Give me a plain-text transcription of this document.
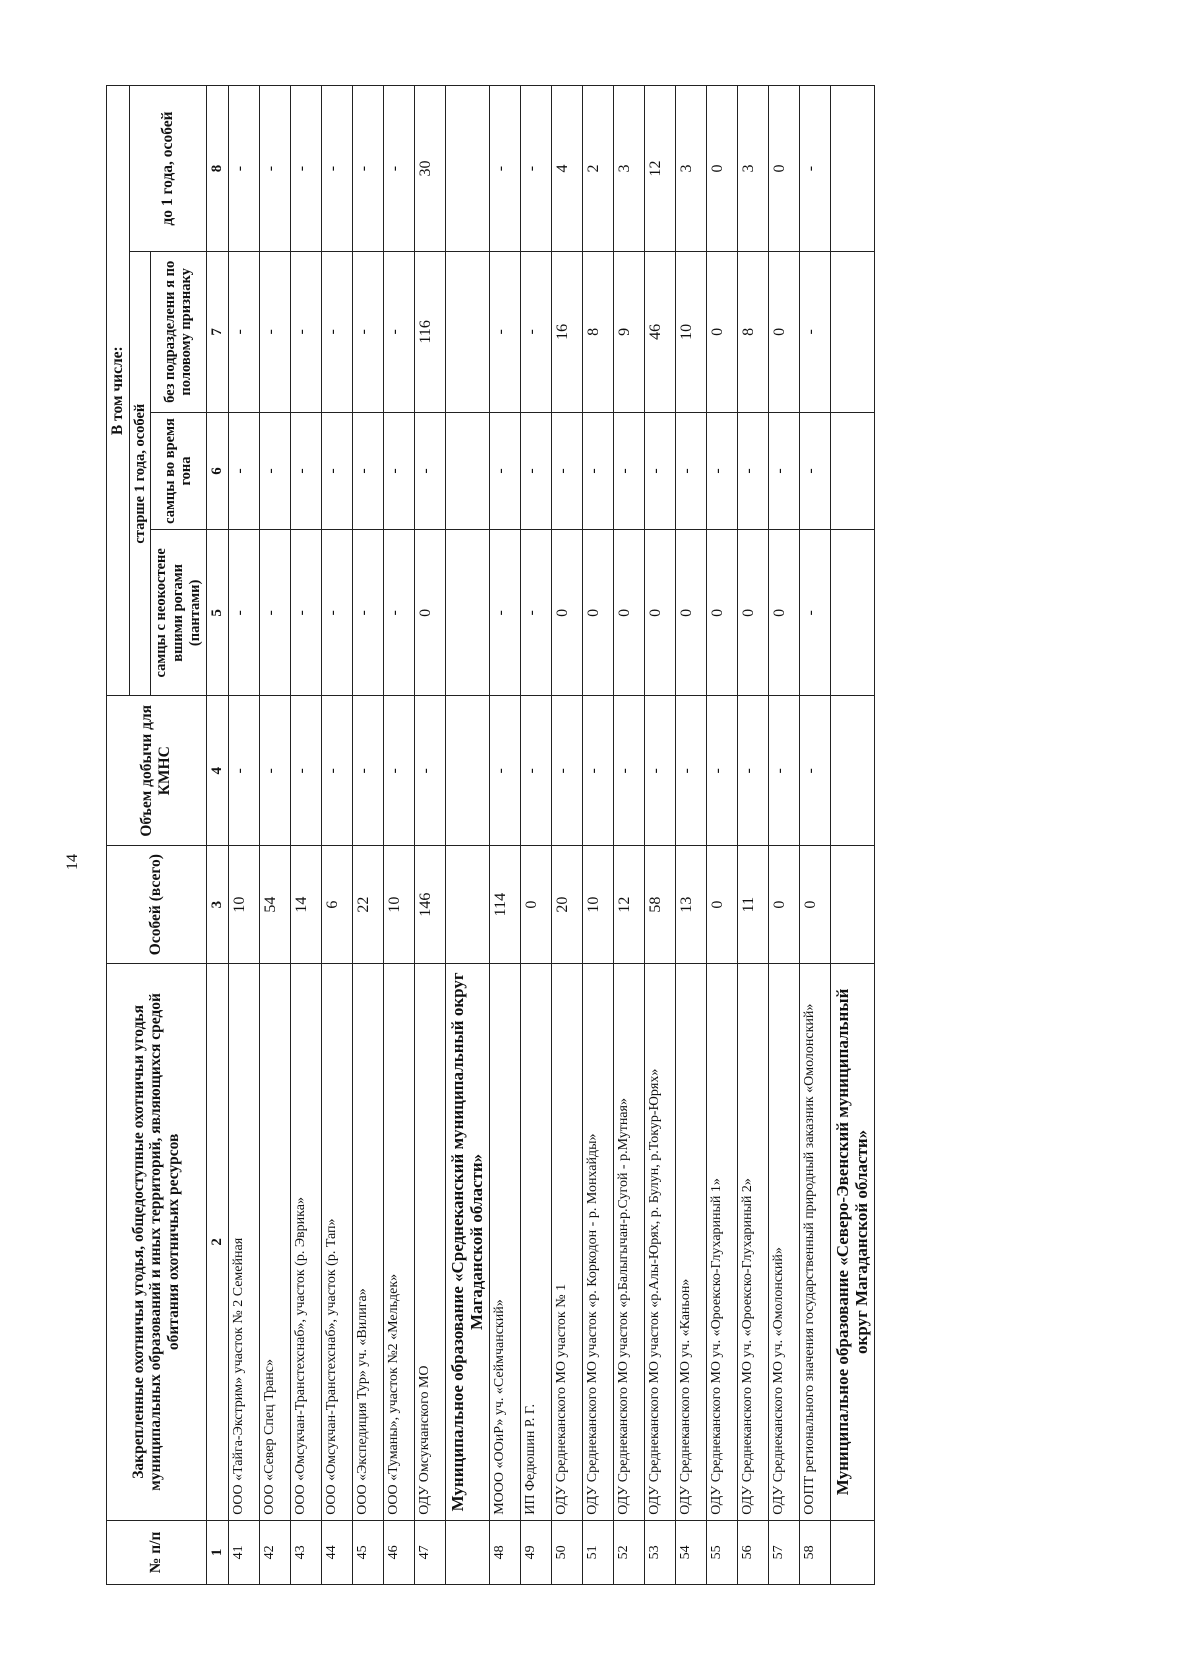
14
№ п/п	Закрепленные охотничьи угодья, общедоступные охотничьи угодья муниципальных образований и иных территорий, являющихся средой обитания охотничьих ресурсов	Особей (всего)	Объем добычи для КМНС	В том числе:			
				старше 1 года, особей			до 1 года, особей
				самцы с неокостене вшими рогами (пантами)	самцы во время гона	без подразделени я по половому признаку	
1	2	3	4	5	6	7	8
41	ООО «Тайга-Экстрим» участок № 2 Семейная	10	-	-	-	-	-
42	ООО «Север Спец Транс»	54	-	-	-	-	-
43	ООО «Омсукчан-Транстехснаб», участок (р. Эврика»	14	-	-	-	-	-
44	ООО «Омсукчан-Транстехснаб», участок (р. Тап»	6	-	-	-	-	-
45	ООО «Экспедиция Тур» уч. «Вилига»	22	-	-	-	-	-
46	ООО «Туманы», участок №2 «Мельдек»	10	-	-	-	-	-
47	ОДУ Омсукчанского МО	146	-	0	-	116	30
	Муниципальное образование «Среднеканский муниципальный округ Магаданской области»						
48	МООО «ООиР» уч. «Сеймчанский»	114	-	-	-	-	-
49	ИП Федюшин Р. Г.	0	-	-	-	-	-
50	ОДУ Среднеканского МО участок № 1	20	-	0	-	16	4
51	ОДУ Среднеканского МО участок «р. Коркодон - р. Монхайды»	10	-	0	-	8	2
52	ОДУ Среднеканского МО участок «р.Балыгычан-р.Сугой - р.Мутная»	12	-	0	-	9	3
53	ОДУ Среднеканского МО участок «р.Алы-Юрях, р. Булун, р.Токур-Юрях»	58	-	0	-	46	12
54	ОДУ Среднеканского МО уч. «Каньон»	13	-	0	-	10	3
55	ОДУ Среднеканского МО уч. «Ороекско-Глухариный 1»	0	-	0	-	0	0
56	ОДУ Среднеканского МО уч. «Ороекско-Глухариный 2»	11	-	0	-	8	3
57	ОДУ Среднеканского МО уч. «Омолонский»	0	-	0	-	0	0
58	ООПТ регионального значения государственный природный заказник «Омолонский»	0	-	-	-	-	-
	Муниципальное образование «Северо-Эвенский муниципальный округ Магаданской области»						
